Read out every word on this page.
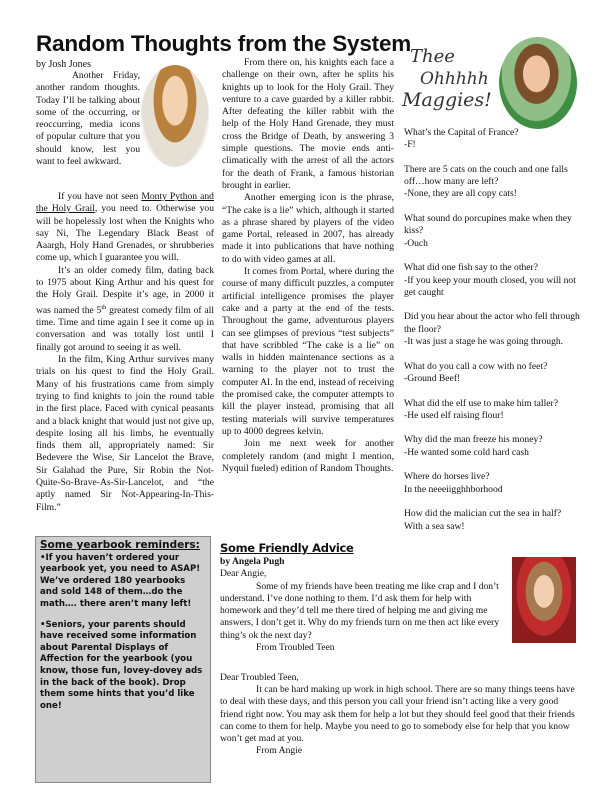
Random Thoughts from the System
by Josh Jones

Another Friday, another random thoughts. Today I’ll be talking about some of the occurring, or reoccurring, media icons of popular culture that you should know, lest you want to feel awkward.

If you have not seen Monty Python and the Holy Grail, you need to. Otherwise you will be hopelessly lost when the Knights who say Ni, The Legendary Black Beast of Aaargh, Holy Hand Grenades, or shrubberies come up, which I guarantee you will.

It’s an older comedy film, dating back to 1975 about King Arthur and his quest for the Holy Grail. Despite it’s age, in 2000 it was named the 5th greatest comedy film of all time. Time and time again I see it come up in conversation and was totally lost until I finally got around to seeing it as well.

In the film, King Arthur survives many trials on his quest to find the Holy Grail. Many of his frustrations came from simply trying to find knights to join the round table in the first place. Faced with cynical peasants and a black knight that would just not give up, despite losing all his limbs, he eventually finds them all, appropriately named: Sir Bedevere the Wise, Sir Lancelot the Brave, Sir Galahad the Pure, Sir Robin the Not-Quite-So-Brave-As-Sir-Lancelot, and “the aptly named Sir Not-Appearing-In-This-Film.”

From there on, his knights each face a challenge on their own, after he splits his knights up to look for the Holy Grail. They venture to a cave guarded by a killer rabbit. After defeating the killer rabbit with the help of the Holy Hand Grenade, they must cross the Bridge of Death, by answering 3 simple questions. The movie ends anti-climatically with the arrest of all the actors for the death of Frank, a famous historian brought in earlier.

Another emerging icon is the phrase, “The cake is a lie” which, although it started as a phrase shared by players of the video game Portal, released in 2007, has already made it into publications that have nothing to do with video games at all.

It comes from Portal, where during the course of many difficult puzzles, a computer artificial intelligence promises the player cake and a party at the end of the tests. Throughout the game, adventurous players can see glimpses of previous “test subjects” that have scribbled “The cake is a lie” on walls in hidden maintenance sections as a warning to the player not to trust the computer AI. In the end, instead of receiving the promised cake, the computer attempts to kill the player instead, promising that all testing materials will survive temperatures up to 4000 degrees kelvin.

Join me next week for another completely random (and might I mention, Nyquil fueled) edition of Random Thoughts.

Thee
Ohhhhh
Maggies!
What’s the Capital of France?
-F!
There are 5 cats on the couch and one falls off…how many are left?
-None, they are all copy cats!
What sound do porcupines make when they kiss?
-Ouch
What did one fish say to the other?
-If you keep your mouth closed, you will not get caught
Did you hear about the actor who fell through the floor?
-It was just a stage he was going through.
What do you call a cow with no feet?
-Ground Beef!
What did the elf use to make him taller?
-He used elf raising flour!
Why did the man freeze his money?
-He wanted some cold hard cash
Where do horses live?
In the neeeiigghhborhood
How did the malician cut the sea in half?
With a sea saw!
Some yearbook reminders:

•If you haven’t ordered your yearbook yet, you need to ASAP! We’ve ordered 180 yearbooks and sold 148 of them…do the math…. there aren’t many left!

•Seniors, your parents should have received some information about Parental Displays of Affection for the yearbook (you know, those fun, lovey-dovey ads in the back of the book). Drop them some hints that you’d like one!

Some Friendly Advice

by Angela Pugh

Dear Angie,

Some of my friends have been treating me like crap and I don’t understand. I’ve done nothing to them. I’d ask them for help with homework and they’d tell me there tired of helping me and giving me answers, I don’t get it. Why do my friends turn on me then act like every thing’s ok the next day?

From Troubled Teen

Dear Troubled Teen,

It can be hard making up work in high school. There are so many things teens have to deal with these days, and this person you call your friend isn’t acting like a very good friend right now. You may ask them for help a lot but they should feel good that their friends can come to them for help. Maybe you need to go to somebody else for help that you know won’t get mad at you.

From Angie
